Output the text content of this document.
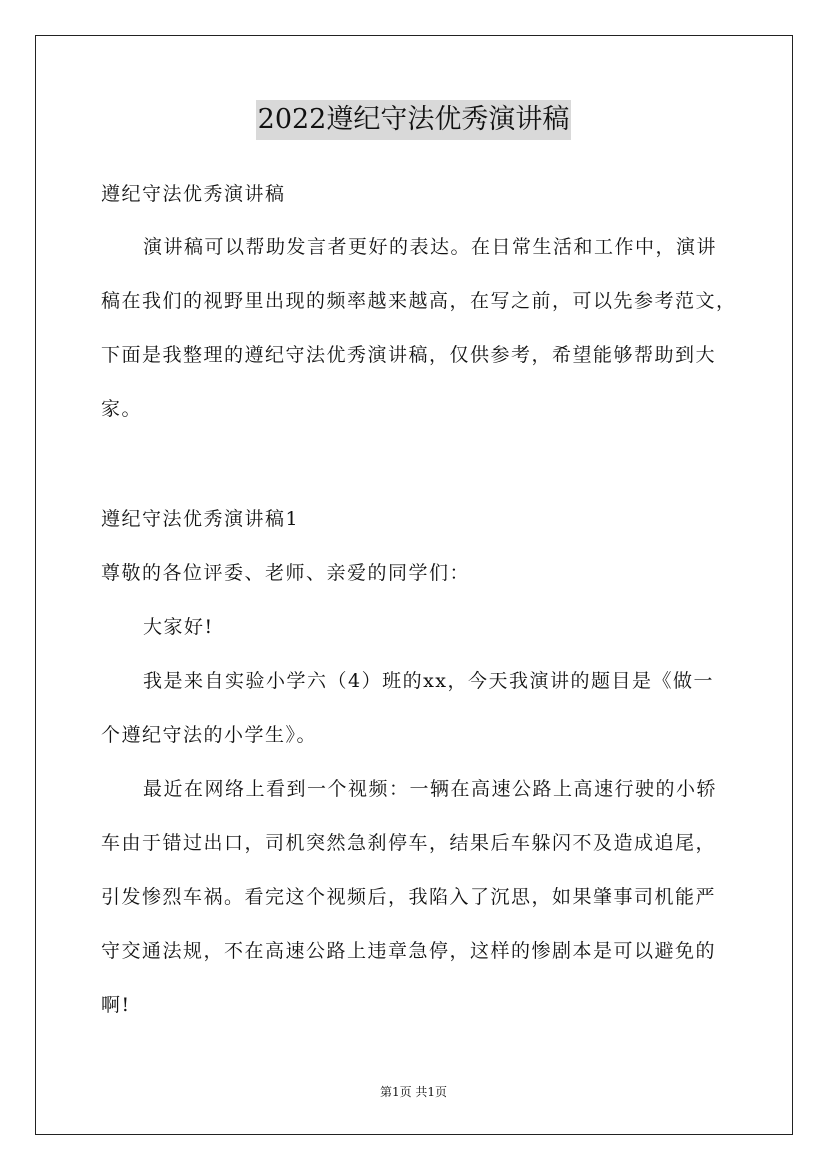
2022遵纪守法优秀演讲稿
遵纪守法优秀演讲稿
演讲稿可以帮助发言者更好的表达。在日常生活和工作中，演讲
稿在我们的视野里出现的频率越来越高，在写之前，可以先参考范文，
下面是我整理的遵纪守法优秀演讲稿，仅供参考，希望能够帮助到大
家。
遵纪守法优秀演讲稿1
尊敬的各位评委、老师、亲爱的同学们：
大家好!
我是来自实验小学六（4）班的xx，今天我演讲的题目是《做一
个遵纪守法的小学生》。
最近在网络上看到一个视频：一辆在高速公路上高速行驶的小轿
车由于错过出口，司机突然急刹停车，结果后车躲闪不及造成追尾，
引发惨烈车祸。看完这个视频后，我陷入了沉思，如果肇事司机能严
守交通法规，不在高速公路上违章急停，这样的惨剧本是可以避免的
啊!
第1页 共1页
